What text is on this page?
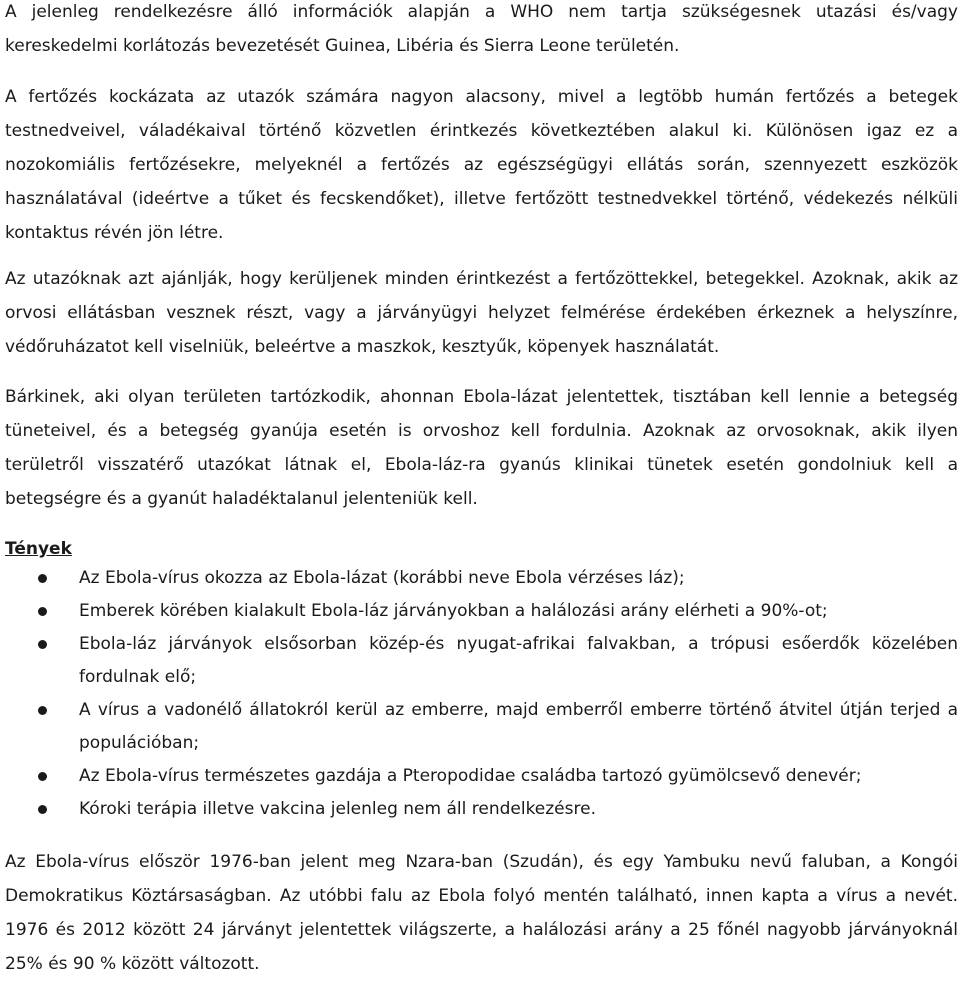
A jelenleg rendelkezésre álló információk alapján a WHO nem tartja szükségesnek utazási és/vagy kereskedelmi korlátozás bevezetését Guinea, Libéria és Sierra Leone területén.

A fertőzés kockázata az utazók számára nagyon alacsony, mivel a legtöbb humán fertőzés a betegek testnedveivel, váladékaival történő közvetlen érintkezés következtében alakul ki. Különösen igaz ez a nozokomiális fertőzésekre, melyeknél a fertőzés az egészségügyi ellátás során, szennyezett eszközök használatával (ideértve a tűket és fecskendőket), illetve fertőzött testnedvekkel történő, védekezés nélküli kontaktus révén jön létre.

Az utazóknak azt ajánlják, hogy kerüljenek minden érintkezést a fertőzöttekkel, betegekkel. Azoknak, akik az orvosi ellátásban vesznek részt, vagy a járványügyi helyzet felmérése érdekében érkeznek a helyszínre, védőruházatot kell viselniük, beleértve a maszkok, kesztyűk, köpenyek használatát.

Bárkinek, aki olyan területen tartózkodik, ahonnan Ebola-lázat jelentettek, tisztában kell lennie a betegség tüneteivel, és a betegség gyanúja esetén is orvoshoz kell fordulnia. Azoknak az orvosoknak, akik ilyen területről visszatérő utazókat látnak el, Ebola-láz-ra gyanús klinikai tünetek esetén gondolniuk kell a betegségre és a gyanút haladéktalanul jelenteniük kell.

Tények

Az Ebola-vírus okozza az Ebola-lázat (korábbi neve Ebola vérzéses láz);
Emberek körében kialakult Ebola-láz járványokban a halálozási arány elérheti a 90%-ot;
Ebola-láz járványok elsősorban közép-és nyugat-afrikai falvakban, a trópusi esőerdők közelében fordulnak elő;
A vírus a vadonélő állatokról kerül az emberre, majd emberről emberre történő átvitel útján terjed a populációban;
Az Ebola-vírus természetes gazdája a Pteropodidae családba tartozó gyümölcsevő denevér;
Kóroki terápia illetve vakcina jelenleg nem áll rendelkezésre.

Az Ebola-vírus először 1976-ban jelent meg Nzara-ban (Szudán), és egy Yambuku nevű faluban, a Kongói Demokratikus Köztársaságban. Az utóbbi falu az Ebola folyó mentén található, innen kapta a vírus a nevét. 1976 és 2012 között 24 járványt jelentettek világszerte, a halálozási arány a 25 főnél nagyobb járványoknál 25% és 90 % között változott.
